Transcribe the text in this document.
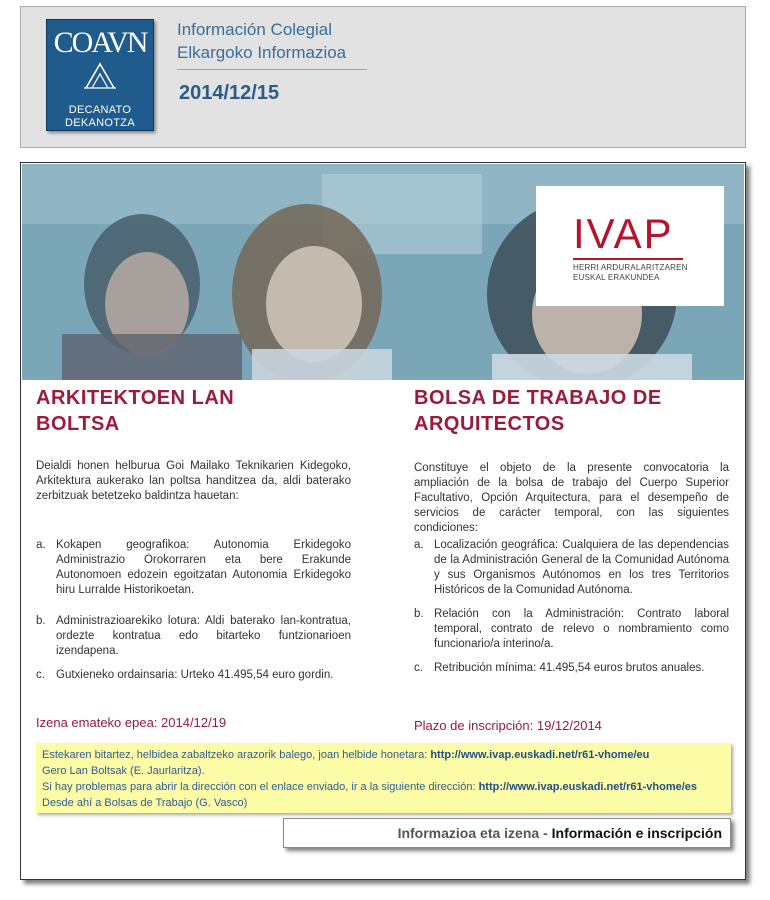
COAVN
DECANATO
DEKANOTZA
Información Colegial
Elkargoko Informazioa
2014/12/15
IVAP
HERRI ARDURALARITZAREN
EUSKAL ERAKUNDEA
ARKITEKTOEN LAN
BOLTSA
Deialdi honen helburua Goi Mailako Teknikarien Kidegoko, Arkitektura aukerako lan poltsa handitzea da, aldi baterako zerbitzuak betetzeko baldintza hauetan:
a. Kokapen geografikoa: Autonomia Erkidegoko Administrazio Orokorraren eta bere Erakunde Autonomoen edozein egoitzatan Autonomia Erkidegoko hiru Lurralde Historikoetan.
b. Administrazioarekiko lotura: Aldi baterako lan-kontratua, ordezte kontratua edo bitarteko funtzionarioen izendapena.
c. Gutxieneko ordainsaria: Urteko 41.495,54 euro gordin.
Izena emateko epea: 2014/12/19
BOLSA DE TRABAJO DE
ARQUITECTOS
Constituye el objeto de la presente convocatoria la ampliación de la bolsa de trabajo del Cuerpo Superior Facultativo, Opción Arquitectura, para el desempeño de servicios de carácter temporal, con las siguientes condiciones:
a. Localización geográfica: Cualquiera de las dependencias de la Administración General de la Comunidad Autónoma y sus Organismos Autónomos en los tres Territorios Históricos de la Comunidad Autónoma.
b. Relación con la Administración: Contrato laboral temporal, contrato de relevo o nombramiento como funcionario/a interino/a.
c. Retribución mínima: 41.495,54 euros brutos anuales.
Plazo de inscripción: 19/12/2014
Estekaren bitartez, helbidea zabaltzeko arazorik balego, joan helbide honetara: http://www.ivap.euskadi.net/r61-vhome/eu
Gero Lan Boltsak (E. Jaurlaritza).
Si hay problemas para abrir la dirección con el enlace enviado, ir a la siguiente dirección: http://www.ivap.euskadi.net/r61-vhome/es
Desde ahí a Bolsas de Trabajo (G. Vasco)
Informazioa eta izena - Información e inscripción
